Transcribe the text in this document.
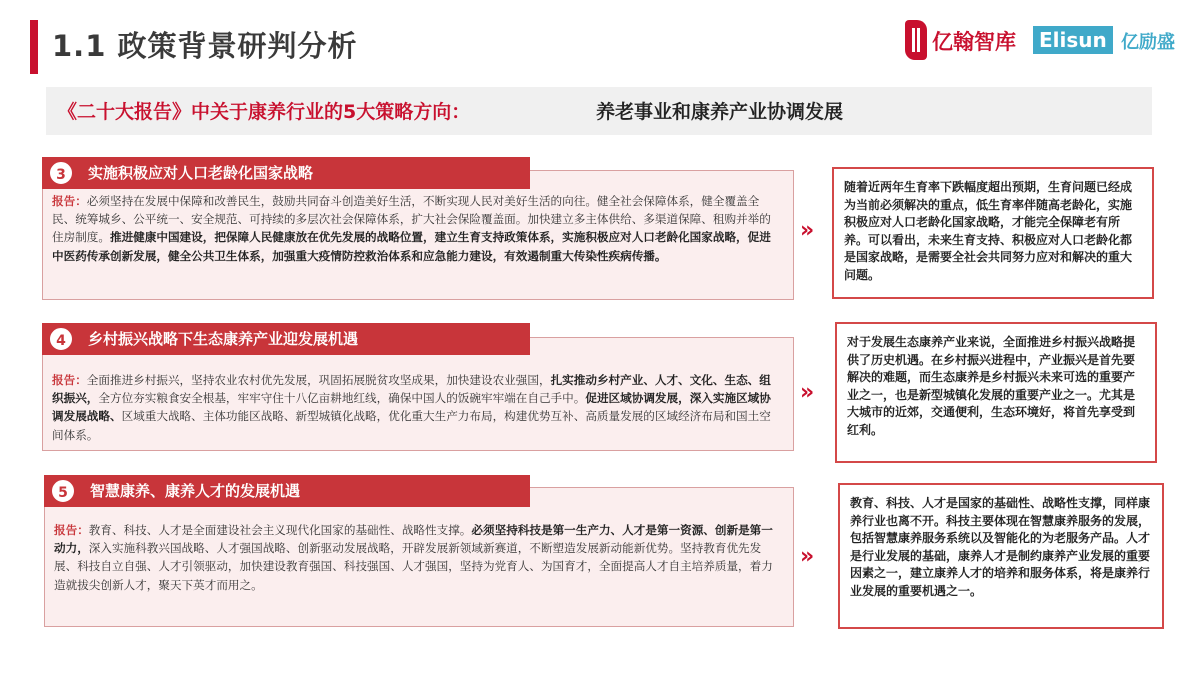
1.1 政策背景研判分析	亿翰智库	Elisun 亿励盛
《二十大报告》中关于康养行业的5大策略方向：	养老事业和康养产业协调发展
3	实施积极应对人口老龄化国家战略
报告：必须坚持在发展中保障和改善民生，鼓励共同奋斗创造美好生活，不断实现人民对美好生活的向往。健全社会保障体系，健全覆盖全民、统筹城乡、公平统一、安全规范、可持续的多层次社会保障体系，扩大社会保险覆盖面。加快建立多主体供给、多渠道保障、租购并举的住房制度。推进健康中国建设，把保障人民健康放在优先发展的战略位置，建立生育支持政策体系，实施积极应对人口老龄化国家战略，促进中医药传承创新发展，健全公共卫生体系，加强重大疫情防控救治体系和应急能力建设，有效遏制重大传染性疾病传播。
»
随着近两年生育率下跌幅度超出预期，生育问题已经成为当前必须解决的重点，低生育率伴随高老龄化，实施积极应对人口老龄化国家战略，才能完全保障老有所养。可以看出，未来生育支持、积极应对人口老龄化都是国家战略，是需要全社会共同努力应对和解决的重大问题。
4	乡村振兴战略下生态康养产业迎发展机遇
报告：全面推进乡村振兴，坚持农业农村优先发展，巩固拓展脱贫攻坚成果，加快建设农业强国，扎实推动乡村产业、人才、文化、生态、组织振兴，全方位夯实粮食安全根基，牢牢守住十八亿亩耕地红线，确保中国人的饭碗牢牢端在自己手中。促进区域协调发展，深入实施区域协调发展战略、区域重大战略、主体功能区战略、新型城镇化战略，优化重大生产力布局，构建优势互补、高质量发展的区域经济布局和国土空间体系。
»
对于发展生态康养产业来说，全面推进乡村振兴战略提供了历史机遇。在乡村振兴进程中，产业振兴是首先要解决的难题，而生态康养是乡村振兴未来可选的重要产业之一，也是新型城镇化发展的重要产业之一。尤其是大城市的近郊，交通便利，生态环境好，将首先享受到红利。
5	智慧康养、康养人才的发展机遇
报告：教育、科技、人才是全面建设社会主义现代化国家的基础性、战略性支撑。必须坚持科技是第一生产力、人才是第一资源、创新是第一动力，深入实施科教兴国战略、人才强国战略、创新驱动发展战略，开辟发展新领域新赛道，不断塑造发展新动能新优势。坚持教育优先发展、科技自立自强、人才引领驱动，加快建设教育强国、科技强国、人才强国，坚持为党育人、为国育才，全面提高人才自主培养质量，着力造就拔尖创新人才，聚天下英才而用之。
»
教育、科技、人才是国家的基础性、战略性支撑，同样康养行业也离不开。科技主要体现在智慧康养服务的发展，包括智慧康养服务系统以及智能化的为老服务产品。人才是行业发展的基础，康养人才是制约康养产业发展的重要因素之一，建立康养人才的培养和服务体系，将是康养行业发展的重要机遇之一。
